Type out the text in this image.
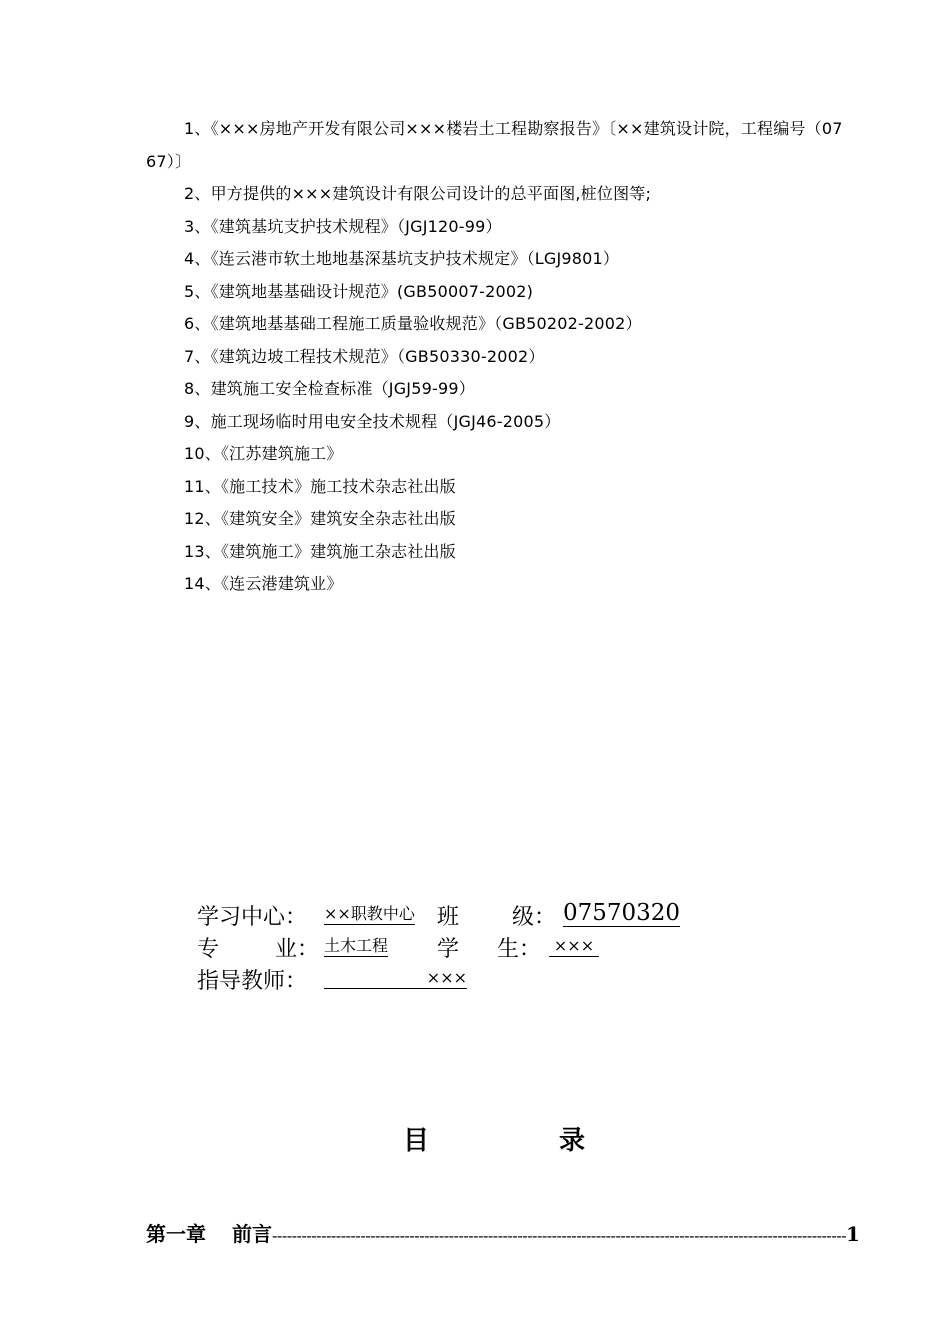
1、《×××房地产开发有限公司×××楼岩土工程勘察报告》〔××建筑设计院，工程编号（0767）〕
2、甲方提供的×××建筑设计有限公司设计的总平面图,桩位图等;
3、《建筑基坑支护技术规程》（JGJ120-99）
4、《连云港市软土地地基深基坑支护技术规定》（LGJ9801）
5、《建筑地基基础设计规范》(GB50007-2002)
6、《建筑地基基础工程施工质量验收规范》（GB50202-2002）
7、《建筑边坡工程技术规范》（GB50330-2002）
8、建筑施工安全检查标准（JGJ59-99）
9、施工现场临时用电安全技术规程（JGJ46-2005）
10、《江苏建筑施工》
11、《施工技术》施工技术杂志社出版
12、《建筑安全》建筑安全杂志社出版
13、《建筑施工》建筑施工杂志社出版
14、《连云港建筑业》
学习中心： ××职教中心 班 级： 07570320
专	业： 土木工程 学 生： ×××
指导教师：	×××
目	录
第一章 前言 --------------------------------------------------------------------------------------------------------------------- 1
